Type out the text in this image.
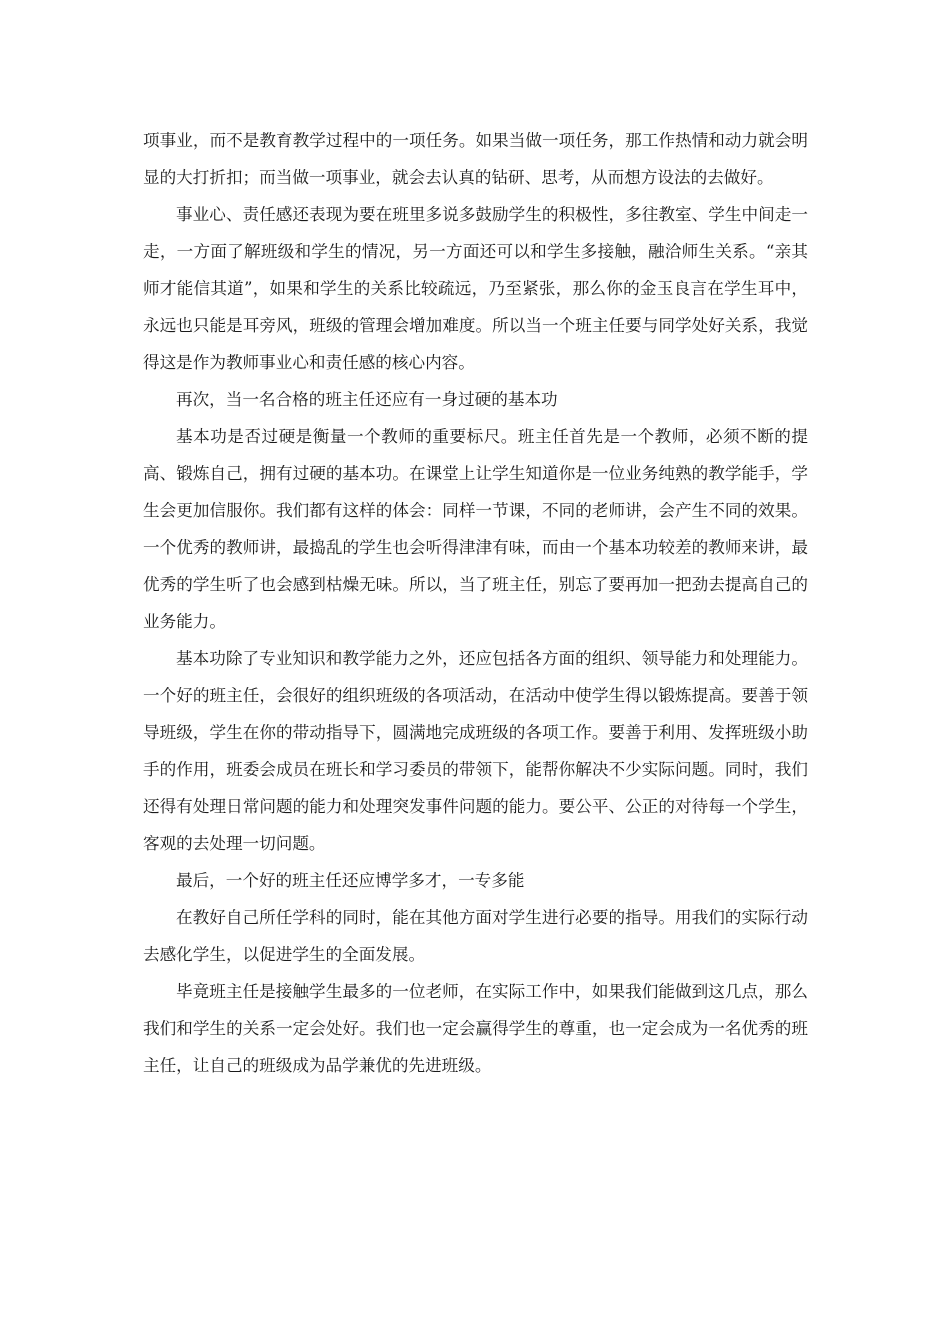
项事业，而不是教育教学过程中的一项任务。如果当做一项任务，那工作热情和动力就会明显的大打折扣；而当做一项事业，就会去认真的钻研、思考，从而想方设法的去做好。

事业心、责任感还表现为要在班里多说多鼓励学生的积极性，多往教室、学生中间走一走，一方面了解班级和学生的情况，另一方面还可以和学生多接触，融洽师生关系。“亲其师才能信其道”，如果和学生的关系比较疏远，乃至紧张，那么你的金玉良言在学生耳中，永远也只能是耳旁风，班级的管理会增加难度。所以当一个班主任要与同学处好关系，我觉得这是作为教师事业心和责任感的核心内容。

再次，当一名合格的班主任还应有一身过硬的基本功

基本功是否过硬是衡量一个教师的重要标尺。班主任首先是一个教师，必须不断的提高、锻炼自己，拥有过硬的基本功。在课堂上让学生知道你是一位业务纯熟的教学能手，学生会更加信服你。我们都有这样的体会：同样一节课，不同的老师讲，会产生不同的效果。一个优秀的教师讲，最捣乱的学生也会听得津津有味，而由一个基本功较差的教师来讲，最优秀的学生听了也会感到枯燥无味。所以，当了班主任，别忘了要再加一把劲去提高自己的业务能力。

基本功除了专业知识和教学能力之外，还应包括各方面的组织、领导能力和处理能力。一个好的班主任，会很好的组织班级的各项活动，在活动中使学生得以锻炼提高。要善于领导班级，学生在你的带动指导下，圆满地完成班级的各项工作。要善于利用、发挥班级小助手的作用，班委会成员在班长和学习委员的带领下，能帮你解决不少实际问题。同时，我们还得有处理日常问题的能力和处理突发事件问题的能力。要公平、公正的对待每一个学生，客观的去处理一切问题。

最后，一个好的班主任还应博学多才，一专多能

在教好自己所任学科的同时，能在其他方面对学生进行必要的指导。用我们的实际行动去感化学生，以促进学生的全面发展。

毕竟班主任是接触学生最多的一位老师，在实际工作中，如果我们能做到这几点，那么我们和学生的关系一定会处好。我们也一定会赢得学生的尊重，也一定会成为一名优秀的班主任，让自己的班级成为品学兼优的先进班级。
